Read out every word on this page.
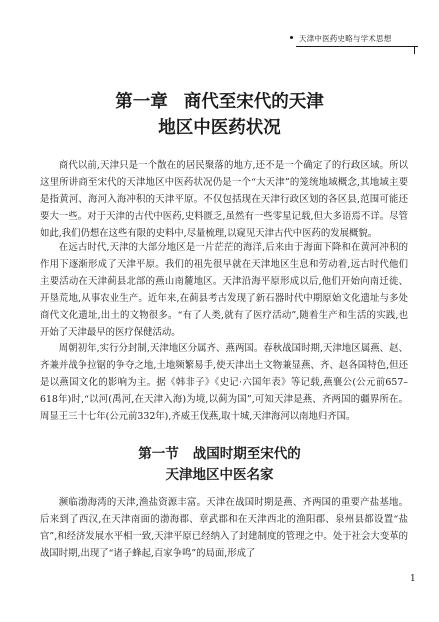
天津中医药史略与学术思想
第一章 商代至宋代的天津
地区中医药状况

商代以前,天津只是一个散在的居民聚落的地方,还不是一个确定了的行政区域。所以这里所讲商至宋代的天津地区中医药状况仍是一个“大天津”的笼统地域概念,其地域主要是指黄河、海河入海冲积的天津平原。不仅包括现在天津行政区划的各区县,范围可能还要大一些。对于天津的古代中医药,史料匮乏,虽然有一些零星记载,但大多语焉不详。尽管如此,我们仍想在这些有限的史料中,尽量梳理,以窥见天津古代中医药的发展概貌。

在远古时代,天津的大部分地区是一片茫茫的海洋,后来由于海面下降和在黄河冲积的作用下逐渐形成了天津平原。我们的祖先很早就在天津地区生息和劳动着,远古时代他们主要活动在天津蓟县北部的燕山南麓地区。天津沿海平原形成以后,他们开始向南迁徙、开垦荒地,从事农业生产。近年来,在蓟县考古发现了新石器时代中期原始文化遗址与多处商代文化遗址,出土的文物很多。“有了人类,就有了医疗活动”,随着生产和生活的实践,也开始了天津最早的医疗保健活动。

周朝初年,实行分封制,天津地区分属齐、燕两国。春秋战国时期,天津地区属燕、赵、齐兼并战争拉锯的争夺之地,土地频繁易手,使天津出土文物兼显燕、齐、赵各国特色,但还是以燕国文化的影响为主。据《韩非子》《史记·六国年表》等记载,燕襄公(公元前657–618年)时,“以河(禹河,在天津入海)为境,以蓟为国”,可知天津是燕、齐两国的疆界所在。周显王三十七年(公元前332年),齐威王伐燕,取十城,天津海河以南地归齐国。

第一节 战国时期至宋代的
天津地区中医名家

濒临渤海湾的天津,渔盐资源丰富。天津在战国时期是燕、齐两国的重要产盐基地。后来到了西汉,在天津南面的渤海郡、章武郡和在天津西北的渔阳郡、泉州县都设置“盐官”,和经济发展水平相一致,天津平原已经纳入了封建制度的管理之中。处于社会大变革的战国时期,出现了“诸子蜂起,百家争鸣”的局面,形成了

1
